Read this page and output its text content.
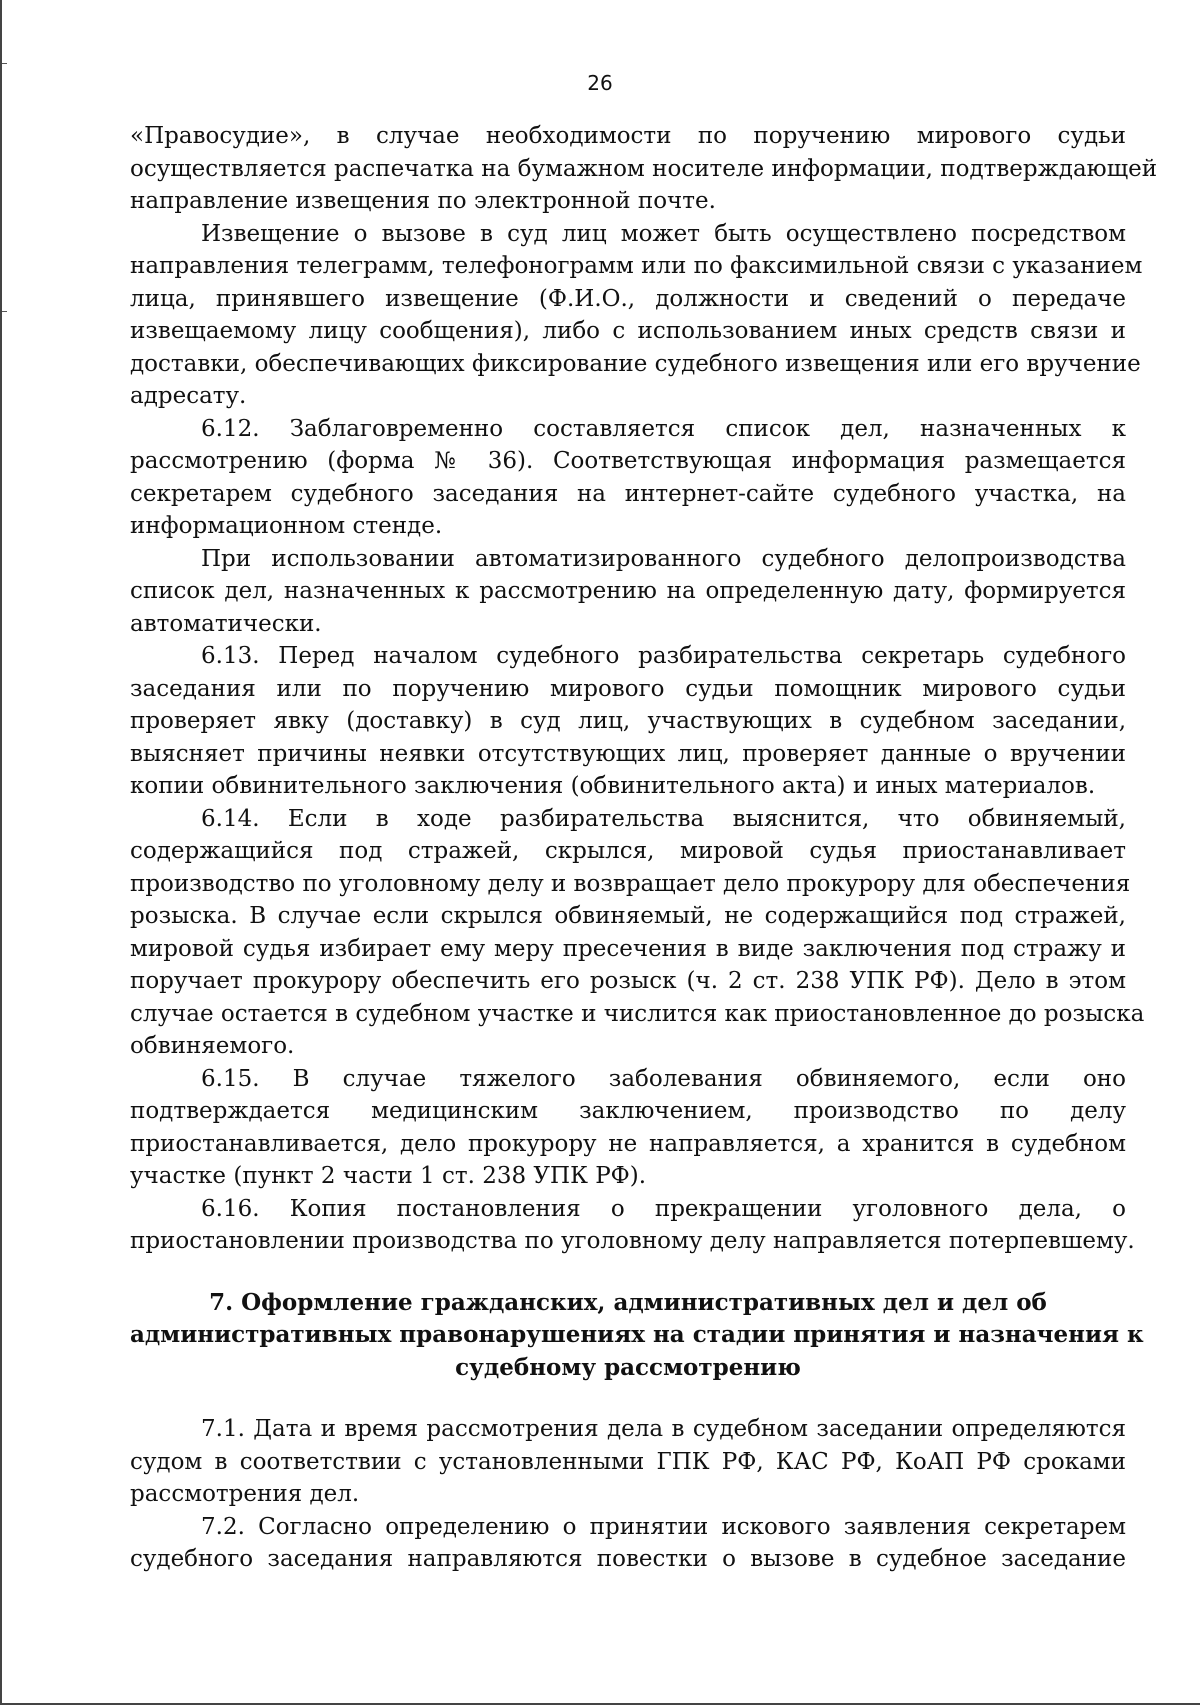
26

«Правосудие», в случае необходимости по поручению мирового судьи
осуществляется распечатка на бумажном носителе информации, подтверждающей
направление извещения по электронной почте.

Извещение о вызове в суд лиц может быть осуществлено посредством
направления телеграмм, телефонограмм или по факсимильной связи с указанием
лица, принявшего извещение (Ф.И.О., должности и сведений о передаче
извещаемому лицу сообщения), либо с использованием иных средств связи и
доставки, обеспечивающих фиксирование судебного извещения или его вручение
адресату.

6.12. Заблаговременно составляется список дел, назначенных к
рассмотрению (форма № 36). Соответствующая информация размещается
секретарем судебного заседания на интернет-сайте судебного участка, на
информационном стенде.

При использовании автоматизированного судебного делопроизводства
список дел, назначенных к рассмотрению на определенную дату, формируется
автоматически.

6.13. Перед началом судебного разбирательства секретарь судебного
заседания или по поручению мирового судьи помощник мирового судьи
проверяет явку (доставку) в суд лиц, участвующих в судебном заседании,
выясняет причины неявки отсутствующих лиц, проверяет данные о вручении
копии обвинительного заключения (обвинительного акта) и иных материалов.

6.14. Если в ходе разбирательства выяснится, что обвиняемый,
содержащийся под стражей, скрылся, мировой судья приостанавливает
производство по уголовному делу и возвращает дело прокурору для обеспечения
розыска. В случае если скрылся обвиняемый, не содержащийся под стражей,
мировой судья избирает ему меру пресечения в виде заключения под стражу и
поручает прокурору обеспечить его розыск (ч. 2 ст. 238 УПК РФ). Дело в этом
случае остается в судебном участке и числится как приостановленное до розыска
обвиняемого.

6.15. В случае тяжелого заболевания обвиняемого, если оно
подтверждается медицинским заключением, производство по делу
приостанавливается, дело прокурору не направляется, а хранится в судебном
участке (пункт 2 части 1 ст. 238 УПК РФ).

6.16. Копия постановления о прекращении уголовного дела, о
приостановлении производства по уголовному делу направляется потерпевшему.

7. Оформление гражданских, административных дел и дел об
административных правонарушениях на стадии принятия и назначения к
судебному рассмотрению

7.1. Дата и время рассмотрения дела в судебном заседании определяются
судом в соответствии с установленными ГПК РФ, КАС РФ, КоАП РФ сроками
рассмотрения дел.

7.2. Согласно определению о принятии искового заявления секретарем
судебного заседания направляются повестки о вызове в судебное заседание
